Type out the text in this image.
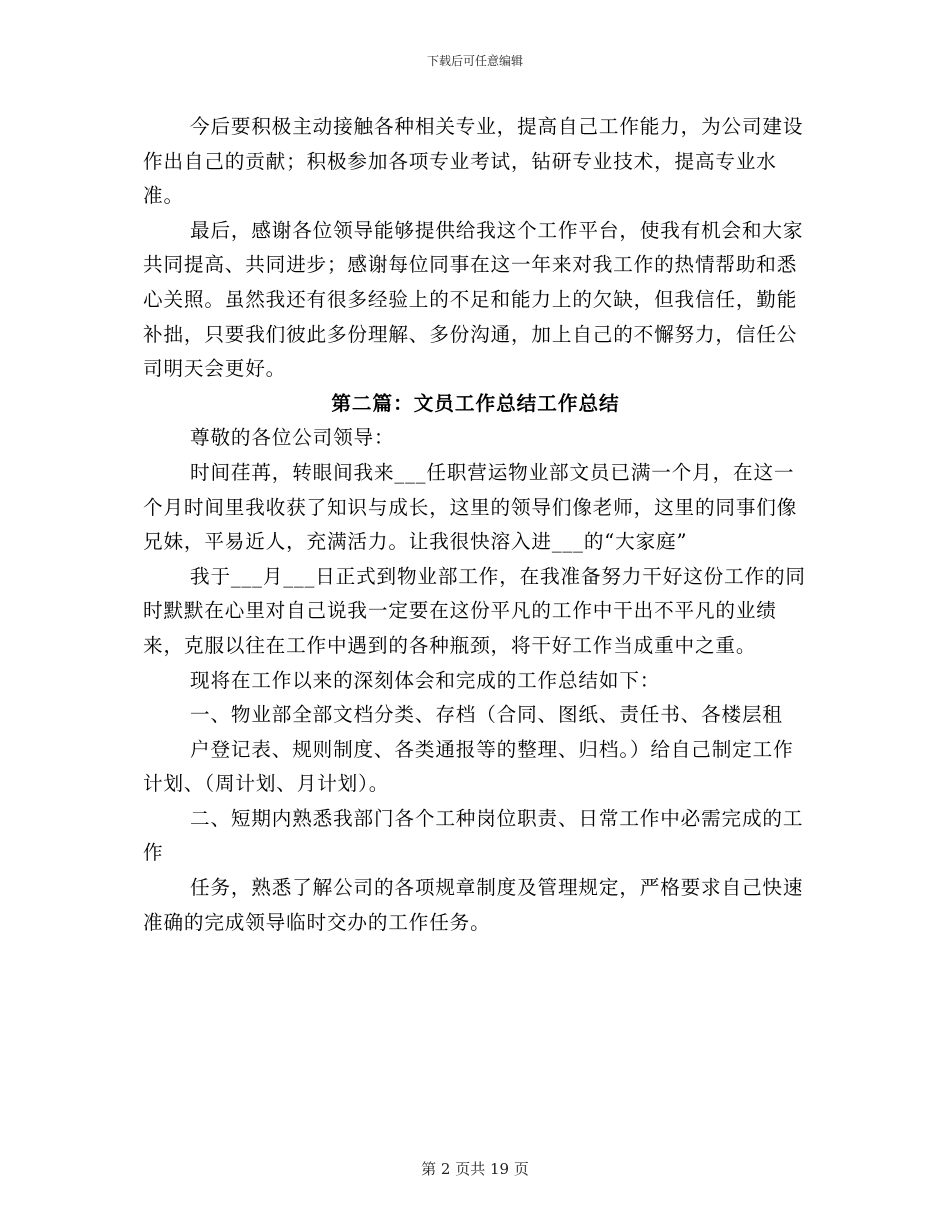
下载后可任意编辑

今后要积极主动接触各种相关专业，提高自己工作能力，为公司建设作出自己的贡献；积极参加各项专业考试，钻研专业技术，提高专业水准。

最后，感谢各位领导能够提供给我这个工作平台，使我有机会和大家共同提高、共同进步；感谢每位同事在这一年来对我工作的热情帮助和悉心关照。虽然我还有很多经验上的不足和能力上的欠缺，但我信任，勤能补拙，只要我们彼此多份理解、多份沟通，加上自己的不懈努力，信任公司明天会更好。

第二篇：文员工作总结工作总结

尊敬的各位公司领导：

时间荏苒，转眼间我来___任职营运物业部文员已满一个月，在这一个月时间里我收获了知识与成长，这里的领导们像老师，这里的同事们像兄妹，平易近人，充满活力。让我很快溶入进___的“大家庭”

我于___月___日正式到物业部工作，在我准备努力干好这份工作的同时默默在心里对自己说我一定要在这份平凡的工作中干出不平凡的业绩来，克服以往在工作中遇到的各种瓶颈，将干好工作当成重中之重。

现将在工作以来的深刻体会和完成的工作总结如下：

一、物业部全部文档分类、存档（合同、图纸、责任书、各楼层租

户登记表、规则制度、各类通报等的整理、归档。）给自己制定工作计划、（周计划、月计划）。

二、短期内熟悉我部门各个工种岗位职责、日常工作中必需完成的工作

任务，熟悉了解公司的各项规章制度及管理规定，严格要求自己快速准确的完成领导临时交办的工作任务。

第 2 页共 19 页
